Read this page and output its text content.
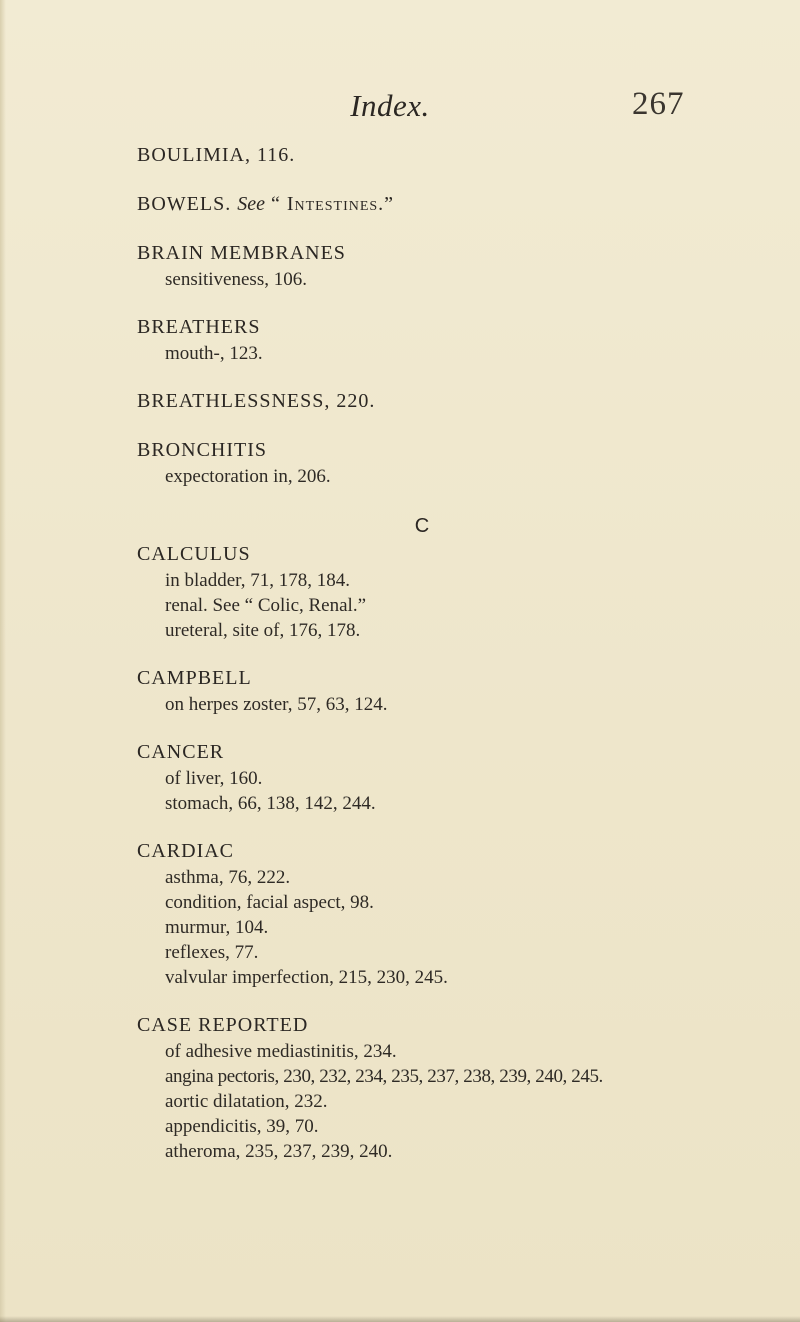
Index.	267
BOULIMIA, 116.
BOWELS. See “ Intestines.”
BRAIN MEMBRANES
sensitiveness, 106.
BREATHERS
mouth-, 123.
BREATHLESSNESS, 220.
BRONCHITIS
expectoration in, 206.
C
CALCULUS
in bladder, 71, 178, 184.
renal. See “ Colic, Renal.”
ureteral, site of, 176, 178.
CAMPBELL
on herpes zoster, 57, 63, 124.
CANCER
of liver, 160.
stomach, 66, 138, 142, 244.
CARDIAC
asthma, 76, 222.
condition, facial aspect, 98.
murmur, 104.
reflexes, 77.
valvular imperfection, 215, 230, 245.
CASE REPORTED
of adhesive mediastinitis, 234.
angina pectoris, 230, 232, 234, 235, 237, 238, 239, 240, 245.
aortic dilatation, 232.
appendicitis, 39, 70.
atheroma, 235, 237, 239, 240.
